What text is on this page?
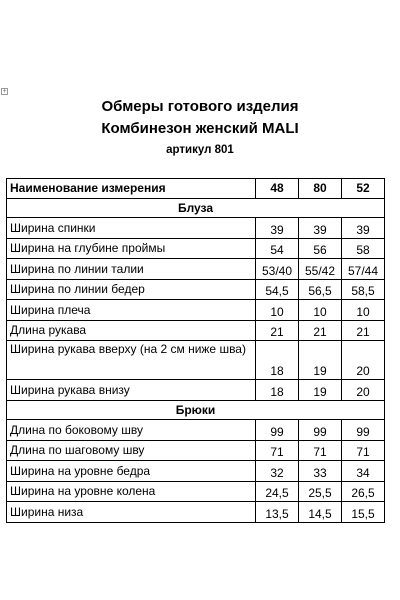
+
Обмеры готового изделия
Комбинезон женский MALI
артикул 801
Наименование измерения	48	80	52
Блуза			
Ширина спинки	39	39	39
Ширина на глубине проймы	54	56	58
Ширина по линии талии	53/40	55/42	57/44
Ширина по линии бедер	54,5	56,5	58,5
Ширина плеча	10	10	10
Длина рукава	21	21	21
Ширина рукава вверху (на 2 см ниже шва)	18	19	20
Ширина рукава внизу	18	19	20
Брюки			
Длина по боковому шву	99	99	99
Длина по шаговому шву	71	71	71
Ширина на уровне бедра	32	33	34
Ширина на уровне колена	24,5	25,5	26,5
Ширина низа	13,5	14,5	15,5
